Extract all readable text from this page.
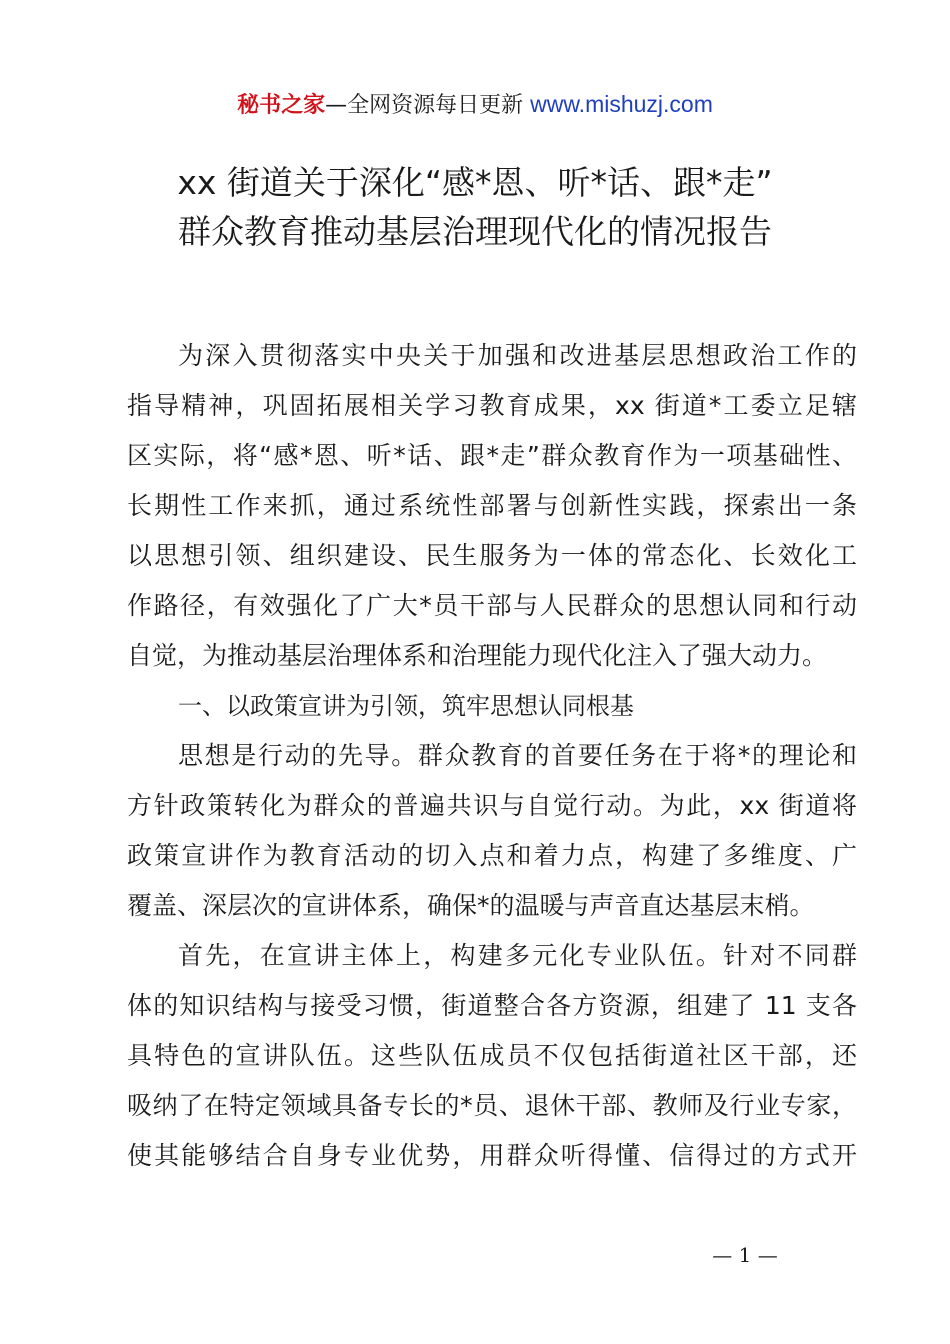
秘书之家—全网资源每日更新 www.mishuzj.com
xx 街道关于深化“感*恩、听*话、跟*走”
群众教育推动基层治理现代化的情况报告
为深入贯彻落实中央关于加强和改进基层思想政治工作的
指导精神，巩固拓展相关学习教育成果，xx 街道*工委立足辖
区实际，将“感*恩、听*话、跟*走”群众教育作为一项基础性、
长期性工作来抓，通过系统性部署与创新性实践，探索出一条
以思想引领、组织建设、民生服务为一体的常态化、长效化工
作路径，有效强化了广大*员干部与人民群众的思想认同和行动
自觉，为推动基层治理体系和治理能力现代化注入了强大动力。
一、以政策宣讲为引领，筑牢思想认同根基
思想是行动的先导。群众教育的首要任务在于将*的理论和
方针政策转化为群众的普遍共识与自觉行动。为此，xx 街道将
政策宣讲作为教育活动的切入点和着力点，构建了多维度、广
覆盖、深层次的宣讲体系，确保*的温暖与声音直达基层末梢。
首先，在宣讲主体上，构建多元化专业队伍。针对不同群
体的知识结构与接受习惯，街道整合各方资源，组建了 11 支各
具特色的宣讲队伍。这些队伍成员不仅包括街道社区干部，还
吸纳了在特定领域具备专长的*员、退休干部、教师及行业专家，
使其能够结合自身专业优势，用群众听得懂、信得过的方式开
— 1 —
